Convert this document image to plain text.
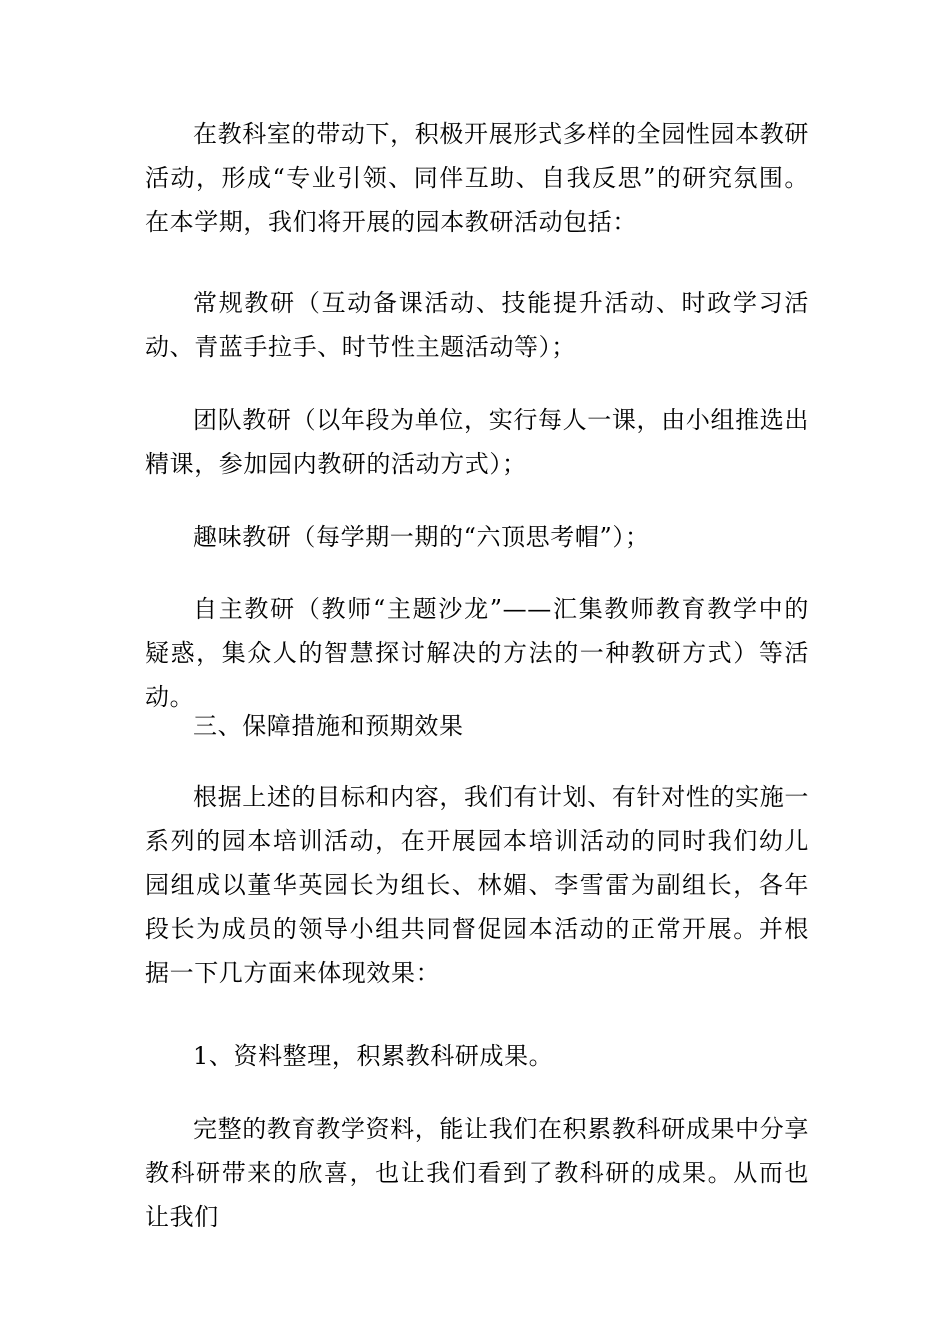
在教科室的带动下，积极开展形式多样的全园性园本教研活动，形成“专业引领、同伴互助、自我反思”的研究氛围。在本学期，我们将开展的园本教研活动包括：

常规教研（互动备课活动、技能提升活动、时政学习活动、青蓝手拉手、时节性主题活动等）；

团队教研（以年段为单位，实行每人一课，由小组推选出精课，参加园内教研的活动方式）；

趣味教研（每学期一期的“六顶思考帽”）；

自主教研（教师“主题沙龙”——汇集教师教育教学中的疑惑，集众人的智慧探讨解决的方法的一种教研方式）等活动。

三、保障措施和预期效果

根据上述的目标和内容，我们有计划、有针对性的实施一系列的园本培训活动，在开展园本培训活动的同时我们幼儿园组成以董华英园长为组长、林媚、李雪雷为副组长，各年段长为成员的领导小组共同督促园本活动的正常开展。并根据一下几方面来体现效果：

1、资料整理，积累教科研成果。

完整的教育教学资料，能让我们在积累教科研成果中分享教科研带来的欣喜，也让我们看到了教科研的成果。从而也让我们
